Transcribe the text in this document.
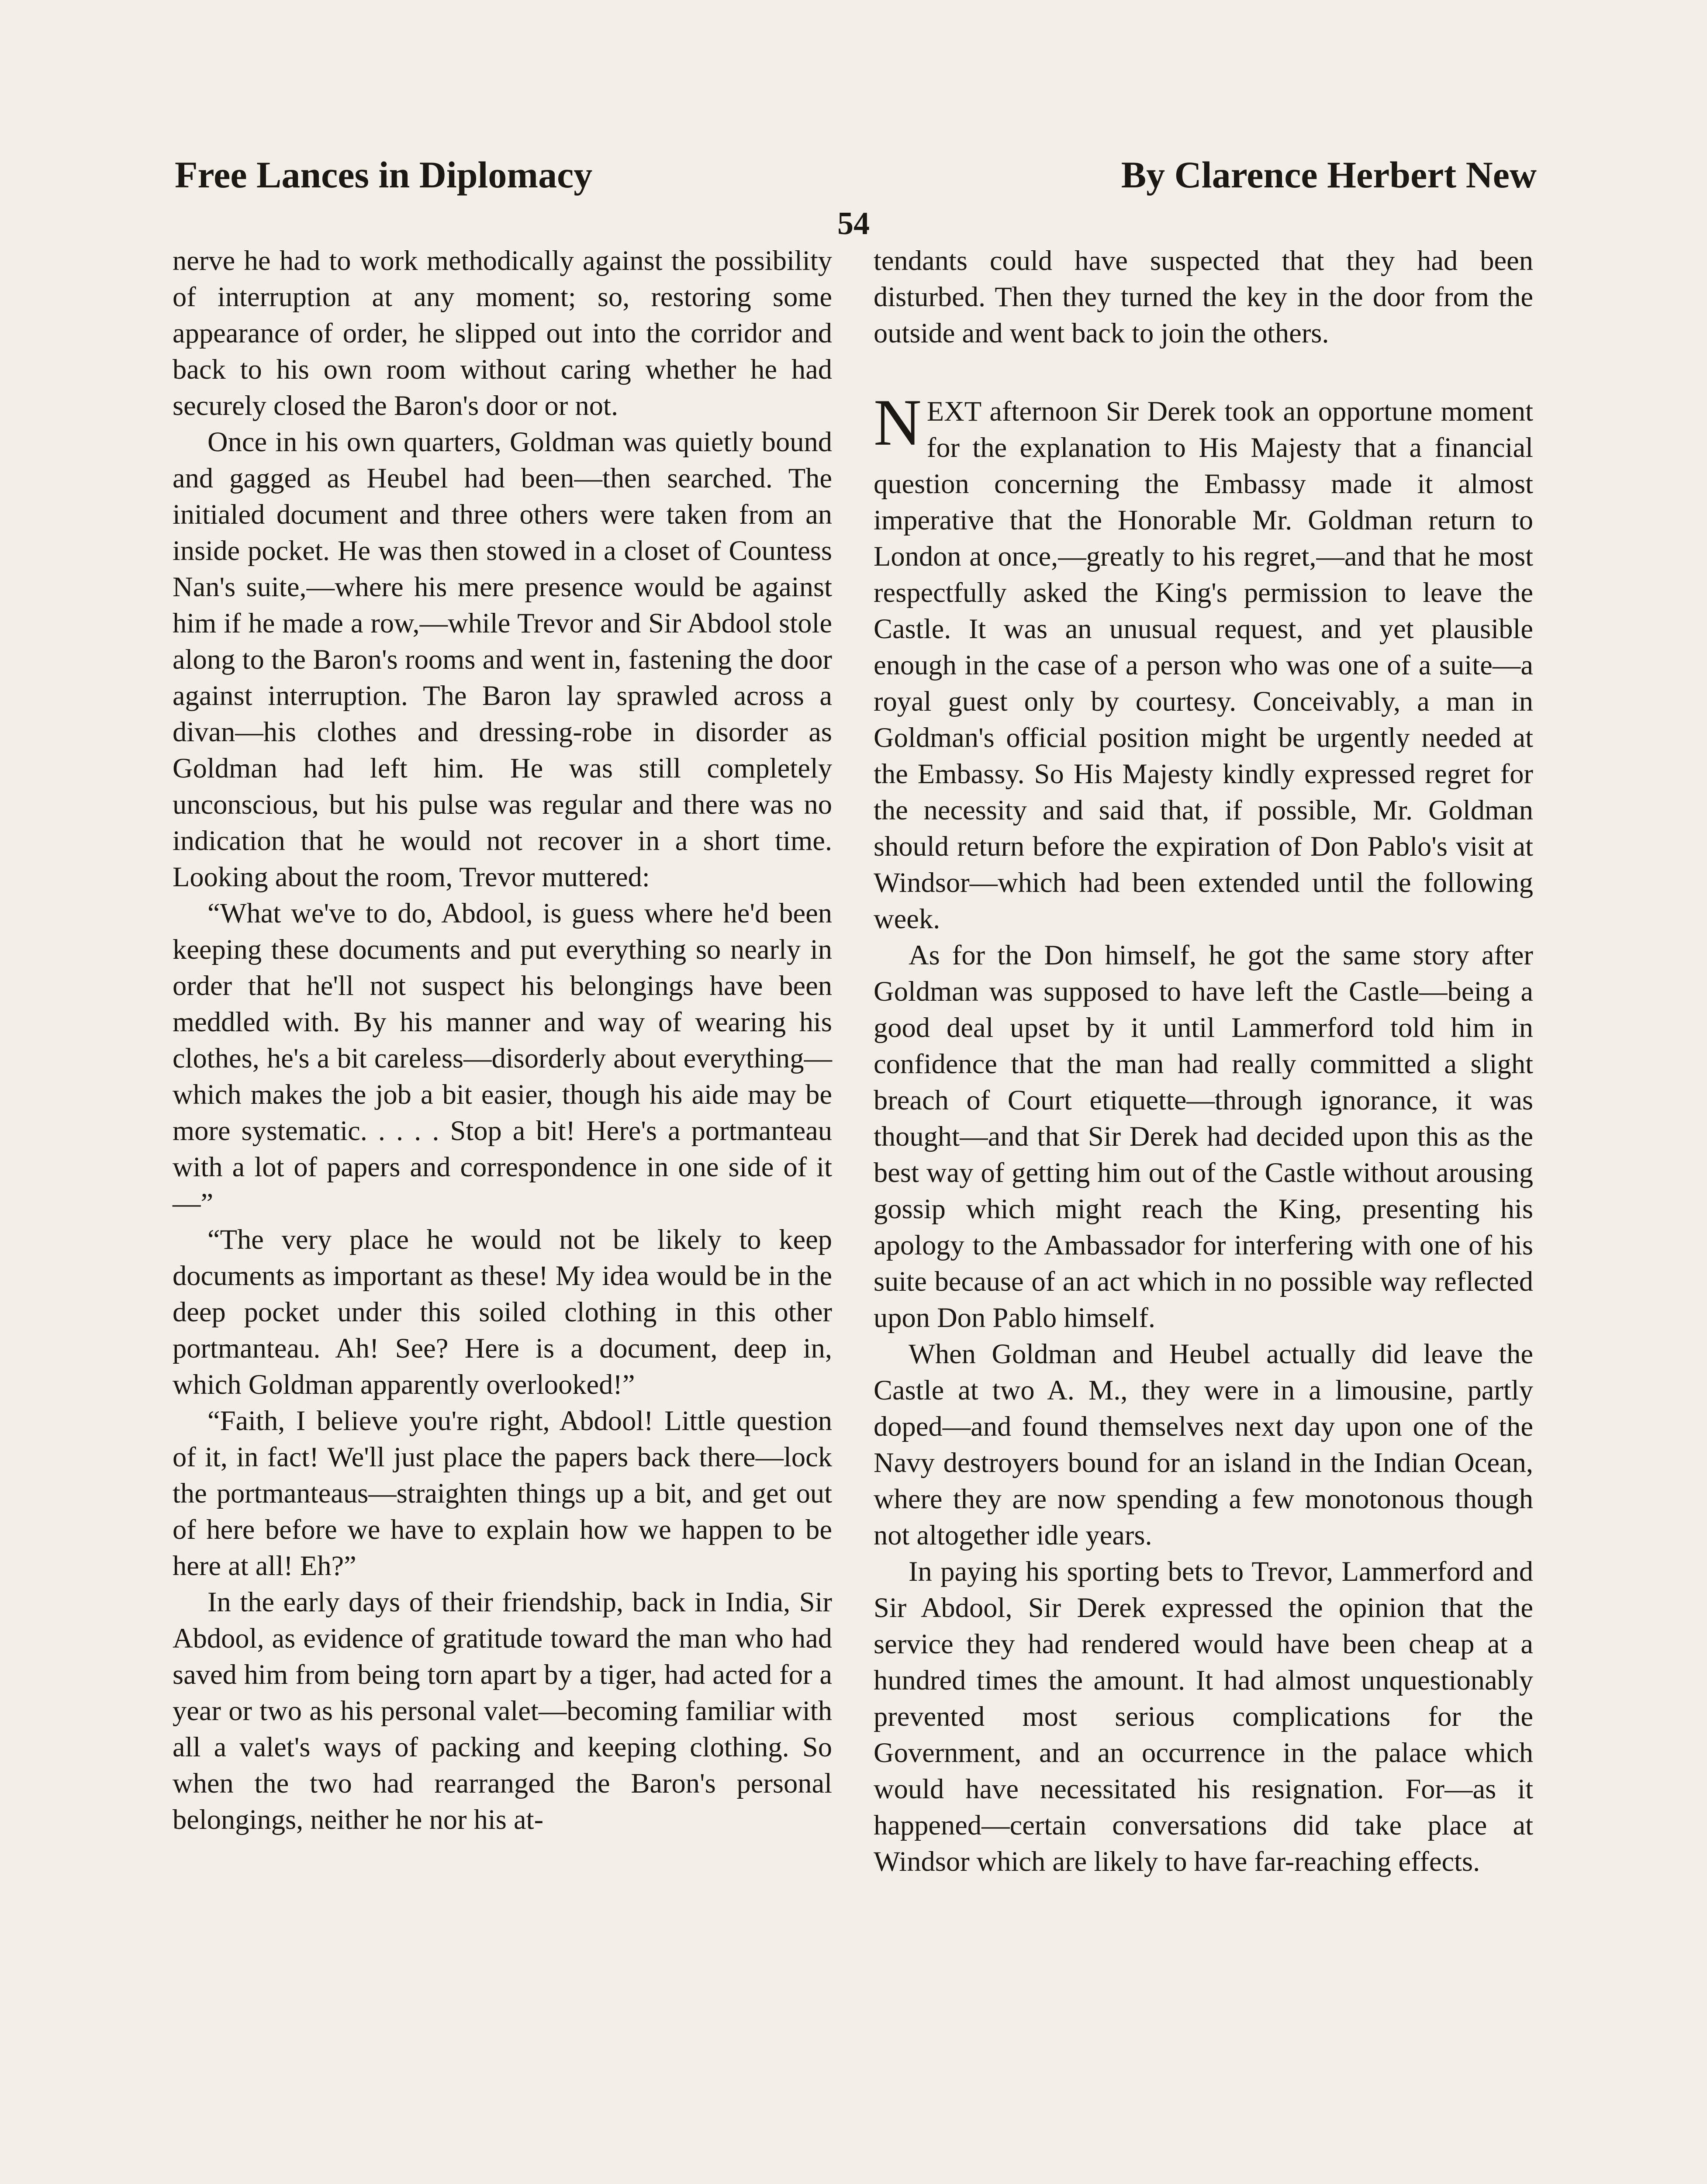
Free Lances in Diplomacy	By Clarence Herbert New
54

nerve he had to work methodically against the possibility of interruption at any moment; so, restoring some appearance of order, he slipped out into the corridor and back to his own room without caring whether he had securely closed the Baron's door or not.

Once in his own quarters, Goldman was quietly bound and gagged as Heubel had been—then searched. The initialed document and three others were taken from an inside pocket. He was then stowed in a closet of Countess Nan's suite,—where his mere presence would be against him if he made a row,—while Trevor and Sir Abdool stole along to the Baron's rooms and went in, fastening the door against interruption. The Baron lay sprawled across a divan—his clothes and dressing-robe in disorder as Goldman had left him. He was still completely unconscious, but his pulse was regular and there was no indication that he would not recover in a short time. Looking about the room, Trevor muttered:

“What we've to do, Abdool, is guess where he'd been keeping these documents and put everything so nearly in order that he'll not suspect his belongings have been meddled with. By his manner and way of wearing his clothes, he's a bit careless—disorderly about everything—which makes the job a bit easier, though his aide may be more systematic. . . . . Stop a bit! Here's a portmanteau with a lot of papers and correspondence in one side of it—”

“The very place he would not be likely to keep documents as important as these! My idea would be in the deep pocket under this soiled clothing in this other portmanteau. Ah! See? Here is a document, deep in, which Goldman apparently overlooked!”

“Faith, I believe you're right, Abdool! Little question of it, in fact! We'll just place the papers back there—lock the portmanteaus—straighten things up a bit, and get out of here before we have to explain how we happen to be here at all! Eh?”

In the early days of their friendship, back in India, Sir Abdool, as evidence of gratitude toward the man who had saved him from being torn apart by a tiger, had acted for a year or two as his personal valet—becoming familiar with all a valet's ways of packing and keeping clothing. So when the two had rearranged the Baron's personal belongings, neither he nor his at-

tendants could have suspected that they had been disturbed. Then they turned the key in the door from the outside and went back to join the others.

NEXT afternoon Sir Derek took an opportune moment for the explanation to His Majesty that a financial question concerning the Embassy made it almost imperative that the Honorable Mr. Goldman return to London at once,—greatly to his regret,—and that he most respectfully asked the King's permission to leave the Castle. It was an unusual request, and yet plausible enough in the case of a person who was one of a suite—a royal guest only by courtesy. Conceivably, a man in Goldman's official position might be urgently needed at the Embassy. So His Majesty kindly expressed regret for the necessity and said that, if possible, Mr. Goldman should return before the expiration of Don Pablo's visit at Windsor—which had been extended until the following week.

As for the Don himself, he got the same story after Goldman was supposed to have left the Castle—being a good deal upset by it until Lammerford told him in confidence that the man had really committed a slight breach of Court etiquette—through ignorance, it was thought—and that Sir Derek had decided upon this as the best way of getting him out of the Castle without arousing gossip which might reach the King, presenting his apology to the Ambassador for interfering with one of his suite because of an act which in no possible way reflected upon Don Pablo himself.

When Goldman and Heubel actually did leave the Castle at two A. M., they were in a limousine, partly doped—and found themselves next day upon one of the Navy destroyers bound for an island in the Indian Ocean, where they are now spending a few monotonous though not altogether idle years.

In paying his sporting bets to Trevor, Lammerford and Sir Abdool, Sir Derek expressed the opinion that the service they had rendered would have been cheap at a hundred times the amount. It had almost unquestionably prevented most serious complications for the Government, and an occurrence in the palace which would have necessitated his resignation. For—as it happened—certain conversations did take place at Windsor which are likely to have far-reaching effects.
